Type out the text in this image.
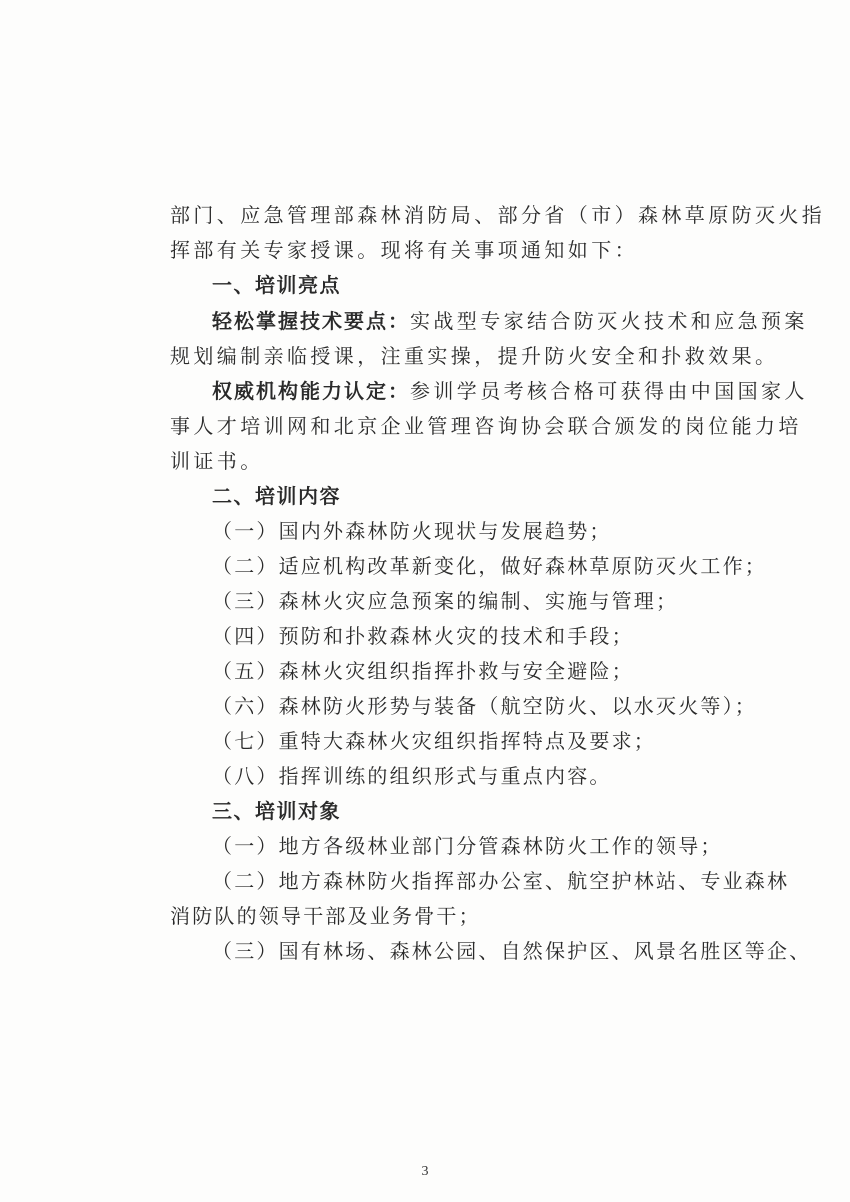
部门、应急管理部森林消防局、部分省（市）森林草原防灭火指
挥部有关专家授课。现将有关事项通知如下：
一、培训亮点
轻松掌握技术要点：实战型专家结合防灭火技术和应急预案
规划编制亲临授课，注重实操，提升防火安全和扑救效果。
权威机构能力认定：参训学员考核合格可获得由中国国家人
事人才培训网和北京企业管理咨询协会联合颁发的岗位能力培
训证书。
二、培训内容
（一）国内外森林防火现状与发展趋势；
（二）适应机构改革新变化，做好森林草原防灭火工作；
（三）森林火灾应急预案的编制、实施与管理；
（四）预防和扑救森林火灾的技术和手段；
（五）森林火灾组织指挥扑救与安全避险；
（六）森林防火形势与装备（航空防火、以水灭火等）；
（七）重特大森林火灾组织指挥特点及要求；
（八）指挥训练的组织形式与重点内容。
三、培训对象
（一）地方各级林业部门分管森林防火工作的领导；
（二）地方森林防火指挥部办公室、航空护林站、专业森林
消防队的领导干部及业务骨干；
（三）国有林场、森林公园、自然保护区、风景名胜区等企、
3
